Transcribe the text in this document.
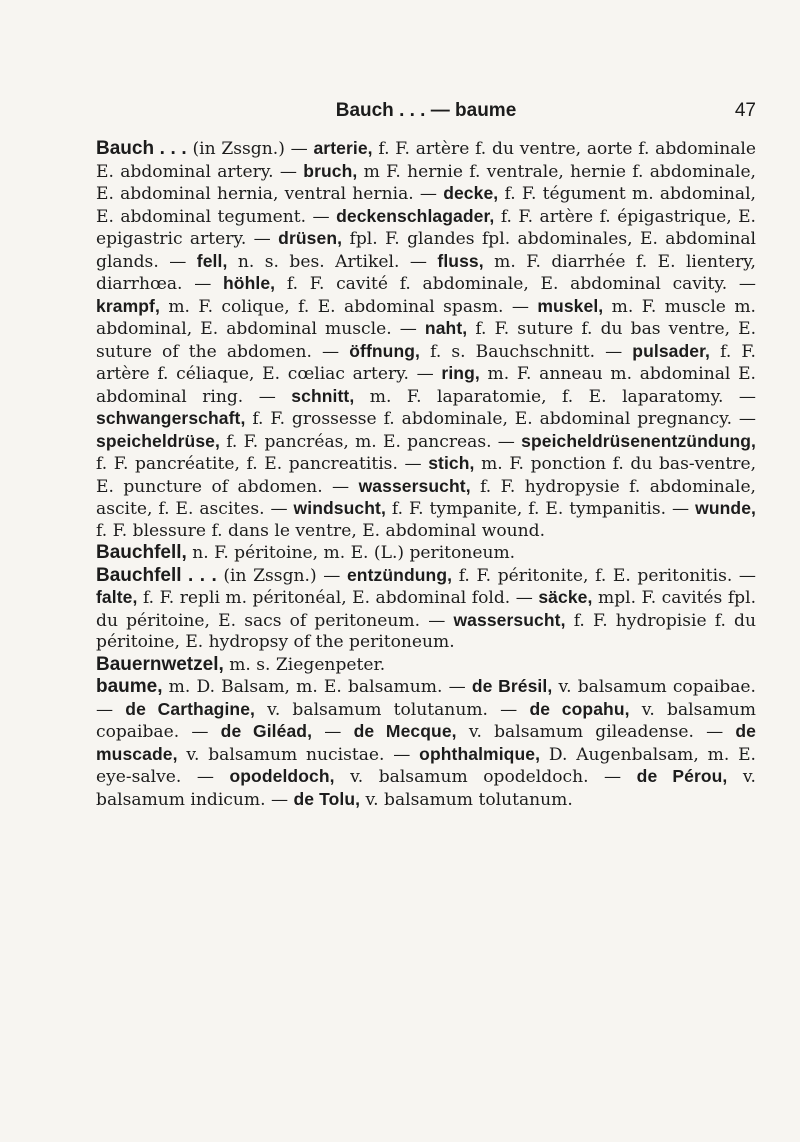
Bauch . . . — baume	47

Bauch . . . (in Zssgn.) — arterie, f. F. artère f. du ventre, aorte f. abdominale E. abdominal artery. — bruch, m F. hernie f. ventrale, hernie f. abdominale, E. abdominal hernia, ventral hernia. — decke, f. F. tégument m. abdominal, E. abdominal tegument. — deckenschlagader, f. F. artère f. épigastrique, E. epigastric artery. — drüsen, fpl. F. glandes fpl. abdominales, E. abdominal glands. — fell, n. s. bes. Artikel. — fluss, m. F. diarrhée f. E. lientery, diarrhœa. — höhle, f. F. cavité f. abdominale, E. abdominal cavity. — krampf, m. F. colique, f. E. abdominal spasm. — muskel, m. F. muscle m. abdominal, E. abdominal muscle. — naht, f. F. suture f. du bas ventre, E. suture of the abdomen. — öffnung, f. s. Bauchschnitt. — pulsader, f. F. artère f. céliaque, E. cœliac artery. — ring, m. F. anneau m. abdominal E. abdominal ring. — schnitt, m. F. laparatomie, f. E. laparatomy. — schwangerschaft, f. F. grossesse f. abdominale, E. abdominal pregnancy. — speicheldrüse, f. F. pancréas, m. E. pancreas. — speicheldrüsenentzündung, f. F. pancréatite, f. E. pancreatitis. — stich, m. F. ponction f. du bas-ventre, E. puncture of abdomen. — wassersucht, f. F. hydropysie f. abdominale, ascite, f. E. ascites. — windsucht, f. F. tympanite, f. E. tympanitis. — wunde, f. F. blessure f. dans le ventre, E. abdominal wound.

Bauchfell, n. F. péritoine, m. E. (L.) peritoneum.

Bauchfell . . . (in Zssgn.) — entzündung, f. F. péritonite, f. E. peritonitis. — falte, f. F. repli m. péritonéal, E. abdominal fold. — säcke, mpl. F. cavités fpl. du péritoine, E. sacs of peritoneum. — wassersucht, f. F. hydropisie f. du péritoine, E. hydropsy of the peritoneum.

Bauernwetzel, m. s. Ziegenpeter.

baume, m. D. Balsam, m. E. balsamum. — de Brésil, v. balsamum copaibae. — de Carthagine, v. balsamum tolutanum. — de copahu, v. balsamum copaibae. — de Giléad, — de Mecque, v. balsamum gileadense. — de muscade, v. balsamum nucistae. — ophthalmique, D. Augenbalsam, m. E. eye-salve. — opodeldoch, v. balsamum opodeldoch. — de Pérou, v. balsamum indicum. — de Tolu, v. balsamum tolutanum.
